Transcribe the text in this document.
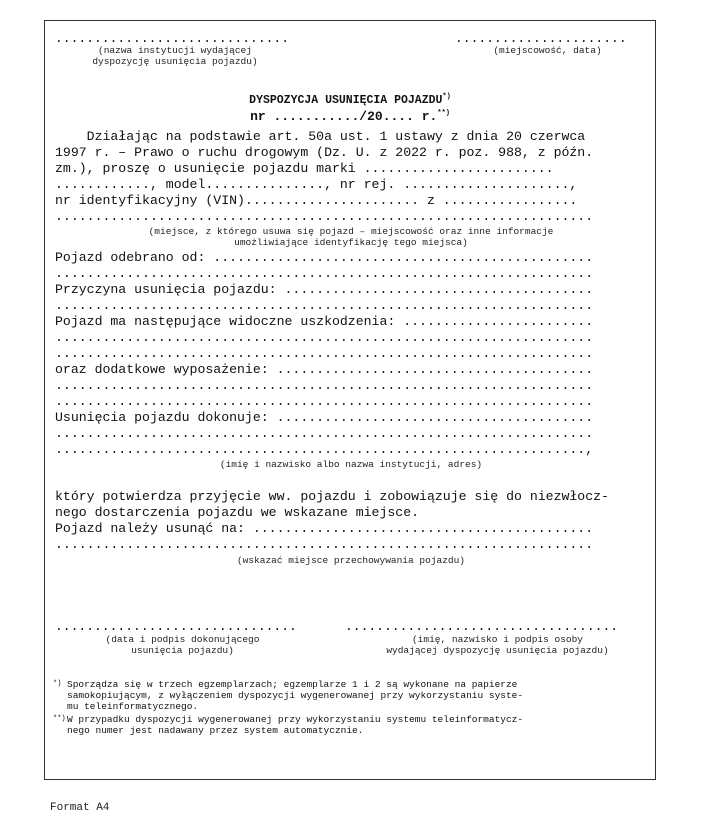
..............................
(nazwa instytucji wydającej
dyspozycję usunięcia pojazdu)
......................
(miejscowość, data)
DYSPOZYCJA USUNIĘCIA POJAZDU*)
nr .........../20.... r.**)
Działając na podstawie art. 50a ust. 1 ustawy z dnia 20 czerwca
1997 r. – Prawo o ruchu drogowym (Dz. U. z 2022 r. poz. 988, z późn.
zm.), proszę o usunięcie pojazdu marki ........................
............, model..............., nr rej. .....................,
nr identyfikacyjny (VIN)...................... z .................
....................................................................
(miejsce, z którego usuwa się pojazd – miejscowość oraz inne informacje
umożliwiające identyfikację tego miejsca)
Pojazd odebrano od: ................................................
....................................................................
Przyczyna usunięcia pojazdu: .......................................
....................................................................
Pojazd ma następujące widoczne uszkodzenia: ........................
....................................................................
....................................................................
oraz dodatkowe wyposażenie: ........................................
....................................................................
....................................................................
Usunięcia pojazdu dokonuje: ........................................
....................................................................
...................................................................,
(imię i nazwisko albo nazwa instytucji, adres)
który potwierdza przyjęcie ww. pojazdu i zobowiązuje się do niezwłocz-
nego dostarczenia pojazdu we wskazane miejsce.
Pojazd należy usunąć na: ...........................................
....................................................................
(wskazać miejsce przechowywania pojazdu)
...............................
(data i podpis dokonującego
usunięcia pojazdu)
...................................
(imię, nazwisko i podpis osoby
wydającej dyspozycję usunięcia pojazdu)
*) Sporządza się w trzech egzemplarzach; egzemplarze 1 i 2 są wykonane na papierze
samokopiującym, z wyłączeniem dyspozycji wygenerowanej przy wykorzystaniu syste-
mu teleinformatycznego.
**) W przypadku dyspozycji wygenerowanej przy wykorzystaniu systemu teleinformatycz-
nego numer jest nadawany przez system automatycznie.
Format A4
